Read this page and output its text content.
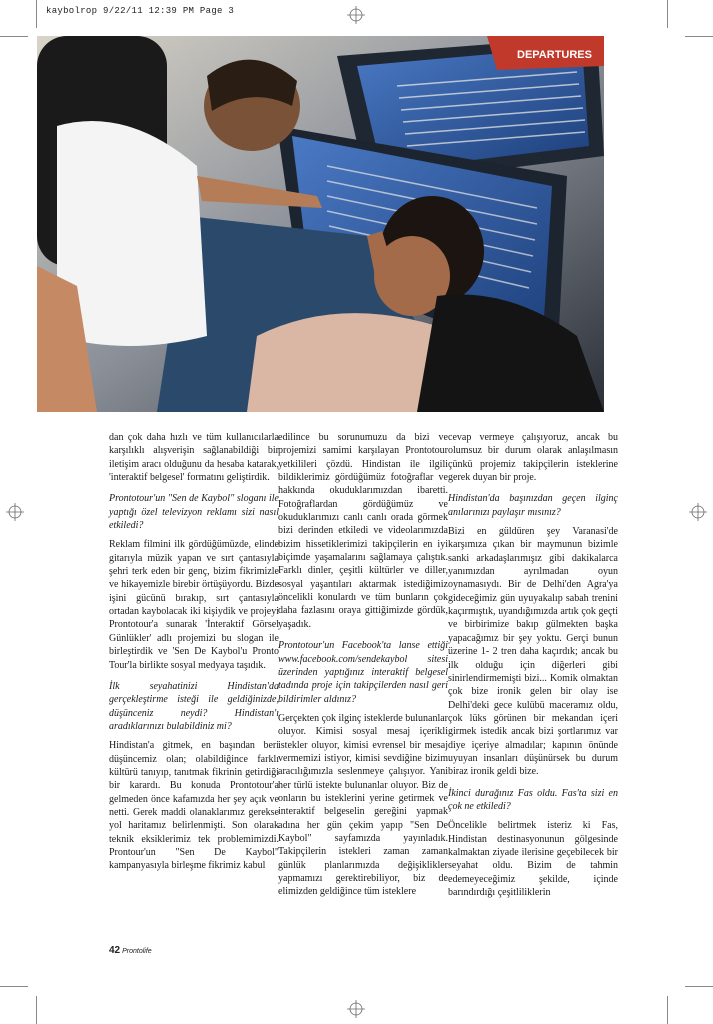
kaybolrop 9/22/11 12:39 PM Page 3
DEPARTURES

dan çok daha hızlı ve tüm kullanıcılarla karşılıklı alışverişin sağlanabildiği bir iletişim aracı olduğunu da hesaba katarak, 'interaktif belgesel' formatını geliştirdik.

Prontotour'un "Sen de Kaybol" sloganı ile yaptığı özel televizyon reklamı sizi nasıl etkiledi?

Reklam filmini ilk gördüğümüzde, elinde gitarıyla müzik yapan ve sırt çantasıyla şehri terk eden bir genç, bizim fikrimizle ve hikayemizle birebir örtüşüyordu. Bizde işini gücünü bırakıp, sırt çantasıyla ortadan kaybolacak iki kişiydik ve projeyi Prontotour'a sunarak 'İnteraktif Görsel Günlükler' adlı projemizi bu slogan ile birleştirdik ve 'Sen De Kaybol'u Pronto Tour'la birlikte sosyal medyaya taşıdık.

İlk seyahatinizi Hindistan'da gerçekleştirme isteği ile geldiğinizde, düşünceniz neydi? Hindistan'ı aradıklarınızı bulabildiniz mi?

Hindistan'a gitmek, en başından beri düşüncemiz olan; olabildiğince farklı kültürü tanıyıp, tanıtmak fikrinin getirdiği bir karardı. Bu konuda Prontotour'a gelmeden önce kafamızda her şey açık ve netti. Gerek maddi olanaklarımız gerekse yol haritamız belirlenmişti. Son olarak teknik eksiklerimiz tek problemimizdi. Prontour'un "Sen De Kaybol" kampanyasıyla birleşme fikrimiz kabul

edilince bu sorunumuzu da bizi ve projemizi samimi karşılayan Prontotour yetkilileri çözdü. Hindistan ile ilgili bildiklerimiz gördüğümüz fotoğraflar ve hakkında okuduklarımızdan ibaretti. Fotoğraflardan gördüğümüz ve okuduklarımızı canlı canlı orada görmek bizi derinden etkiledi ve videolarımızda bizim hissetiklerimizi takipçilerin en iyi biçimde yaşamalarını sağlamaya çalıştık. Farklı dinler, çeşitli kültürler ve diller, sosyal yaşantıları aktarmak istediğimiz öncelikli konulardı ve tüm bunların çok daha fazlasını oraya gittiğimizde gördük, yaşadık.

Prontotour'un Facebook'ta lanse ettiği www.facebook.com/sendekaybol sitesi üzerinden yaptığınız interaktif belgesel tadında proje için takipçilerden nasıl geri bildirimler aldınız?

Gerçekten çok ilginç isteklerde bulunanlar oluyor. Kimisi sosyal mesaj içerikli istekler oluyor, kimisi evrensel bir mesaj vermemizi istiyor, kimisi sevdiğine bizim aracılığımızla seslenmeye çalışıyor. Yani her türlü istekte bulunanlar oluyor. Biz de onların bu isteklerini yerine getirmek ve interaktif belgeselin gereğini yapmak adına her gün çekim yapıp "Sen De Kaybol" sayfamızda yayınladık. Takipçilerin istekleri zaman zaman günlük planlarımızda değişiklikler yapmamızı gerektirebiliyor, biz de elimizden geldiğince tüm isteklere

cevap vermeye çalışıyoruz, ancak bu olumsuz bir durum olarak anlaşılmasın çünkü projemiz takipçilerin isteklerine gerek duyan bir proje.

Hindistan'da başınızdan geçen ilginç anılarınızı paylaşır mısınız?

Bizi en güldüren şey Varanasi'de karşımıza çıkan bir maymunun bizimle sanki arkadaşlarımışız gibi dakikalarca yanımızdan ayrılmadan oyun oynamasıydı. Bir de Delhi'den Agra'ya gideceğimiz gün uyuyakalıp sabah trenini kaçırmıştık, uyandığımızda artık çok geçti ve birbirimize bakıp gülmekten başka yapacağımız bir şey yoktu. Gerçi bunun üzerine 1- 2 tren daha kaçırdık; ancak bu ilk olduğu için diğerleri gibi sinirlendirmemişti bizi... Komik olmaktan çok bize ironik gelen bir olay ise Delhi'deki gece kulübü maceramız oldu, çok lüks görünen bir mekandan içeri girmek istedik ancak bizi şortlarımız var diye içeriye almadılar; kapının önünde uyuyan insanları düşünürsek bu durum biraz ironik geldi bize.

İkinci durağınız Fas oldu. Fas'ta sizi en çok ne etkiledi?

Öncelikle belirtmek isteriz ki Fas, Hindistan destinasyonunun gölgesinde kalmaktan ziyade ilerisine geçebilecek bir seyahat oldu. Bizim de tahmin edemeyeceğimiz şekilde, içinde barındırdığı çeşitliliklerin

42 Prontolife
